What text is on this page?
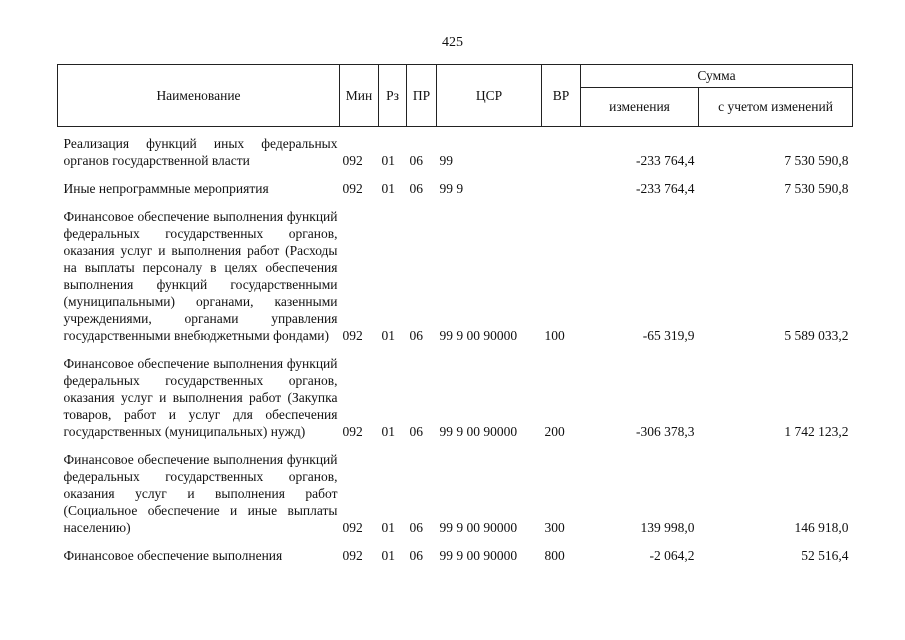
425
Наименование	Мин	Рз	ПР	ЦСР	ВР	Сумма	
						изменения	с учетом изменений
Реализация функций иных федеральных органов государственной власти	092	01	06	99		-233 764,4	7 530 590,8
Иные непрограммные мероприятия	092	01	06	99 9		-233 764,4	7 530 590,8
Финансовое обеспечение выполнения функций федеральных государственных органов, оказания услуг и выполнения работ (Расходы на выплаты персоналу в целях обеспечения выполнения функций государственными (муниципальными) органами, казенными учреждениями, органами управления государственными внебюджетными фондами)	092	01	06	99 9 00 90000	100	-65 319,9	5 589 033,2
Финансовое обеспечение выполнения функций федеральных государственных органов, оказания услуг и выполнения работ (Закупка товаров, работ и услуг для обеспечения государственных (муниципальных) нужд)	092	01	06	99 9 00 90000	200	-306 378,3	1 742 123,2
Финансовое обеспечение выполнения функций федеральных государственных органов, оказания услуг и выполнения работ (Социальное обеспечение и иные выплаты населению)	092	01	06	99 9 00 90000	300	139 998,0	146 918,0
Финансовое обеспечение выполнения	092	01	06	99 9 00 90000	800	-2 064,2	52 516,4
